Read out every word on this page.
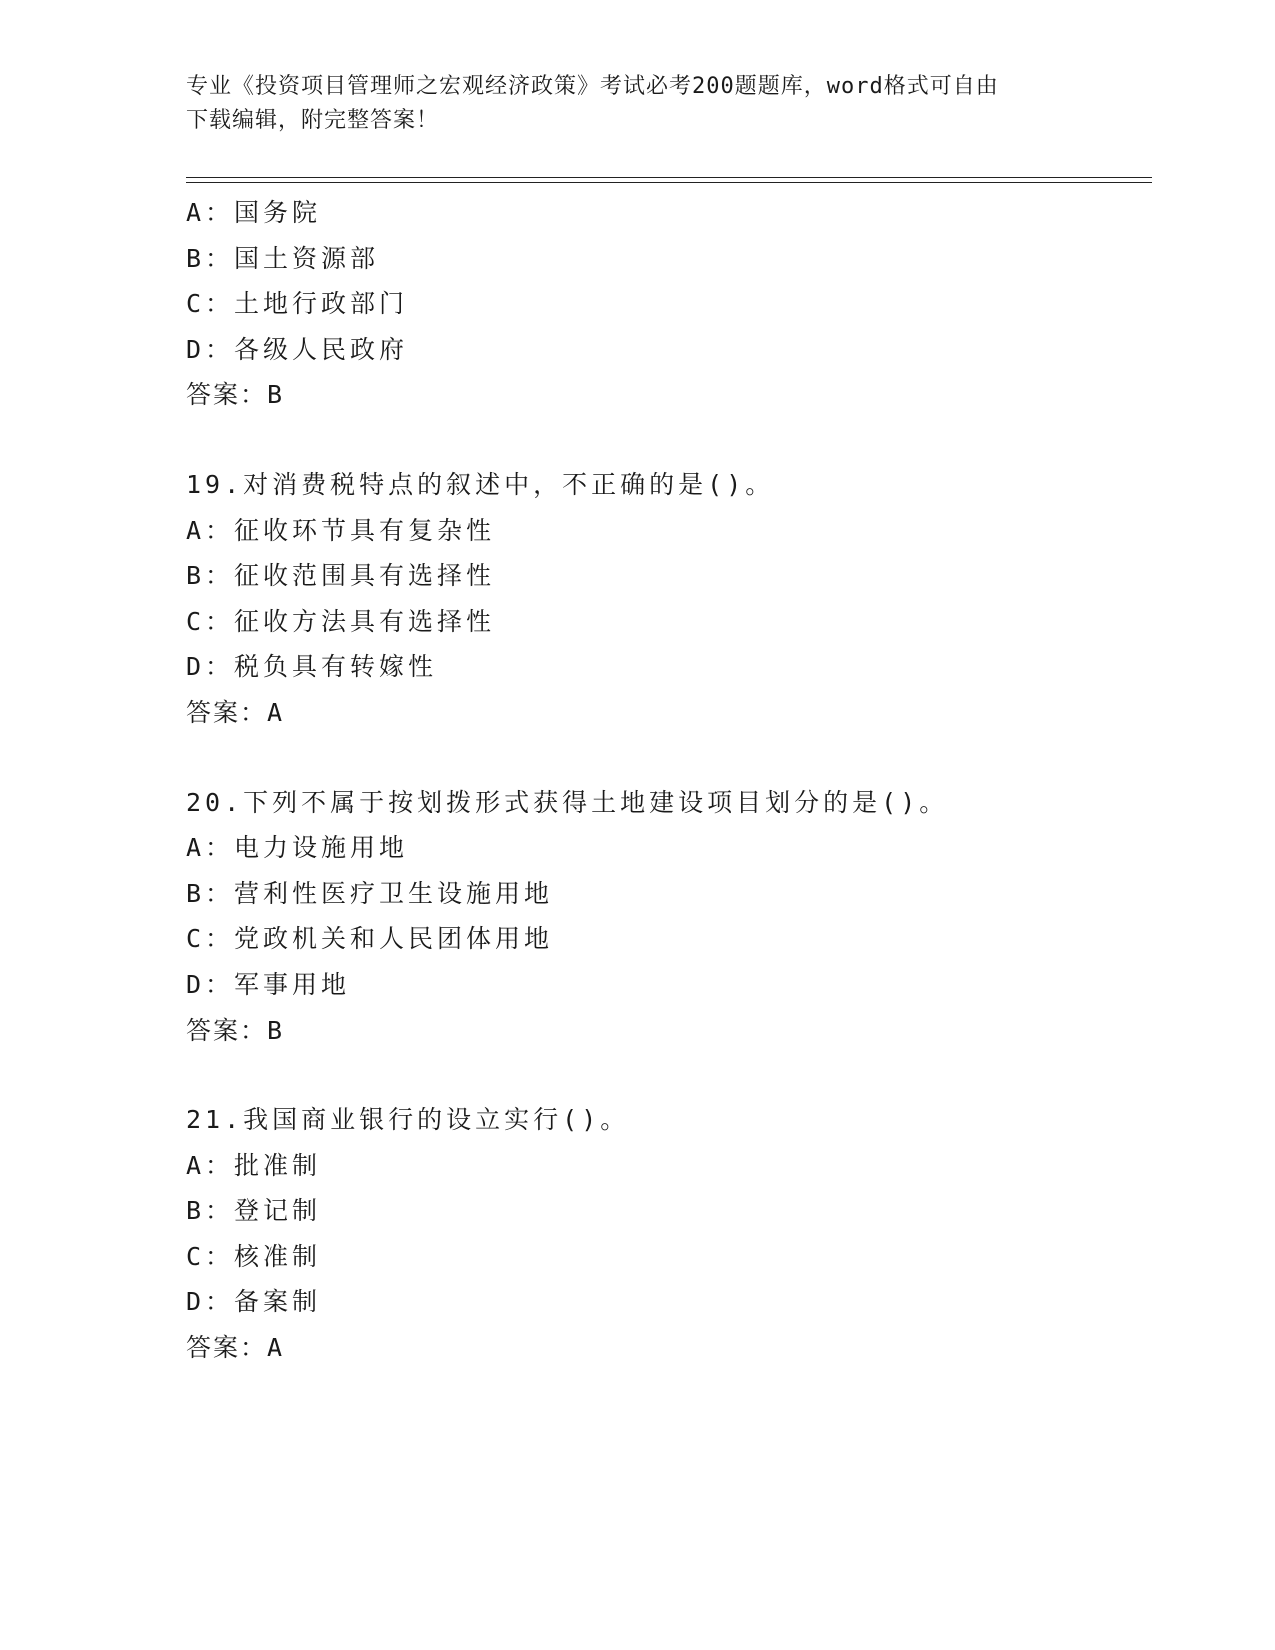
专业《投资项目管理师之宏观经济政策》考试必考200题题库，word格式可自由
下载编辑，附完整答案！
A：国务院
B：国土资源部
C：土地行政部门
D：各级人民政府
答案：B
19.对消费税特点的叙述中，不正确的是()。
A：征收环节具有复杂性
B：征收范围具有选择性
C：征收方法具有选择性
D：税负具有转嫁性
答案：A
20.下列不属于按划拨形式获得土地建设项目划分的是()。
A：电力设施用地
B：营利性医疗卫生设施用地
C：党政机关和人民团体用地
D：军事用地
答案：B
21.我国商业银行的设立实行()。
A：批准制
B：登记制
C：核准制
D：备案制
答案：A
